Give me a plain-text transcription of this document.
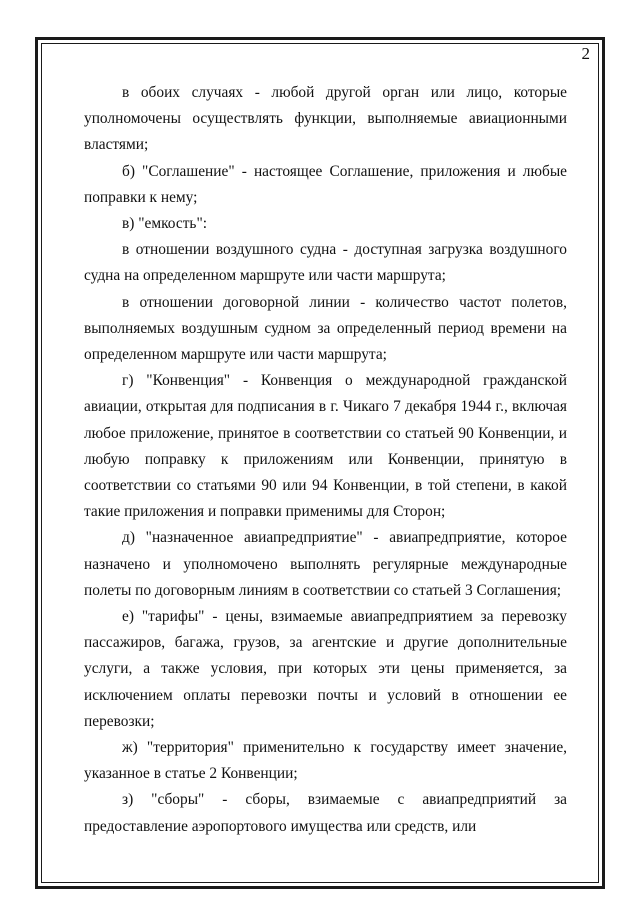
2

в обоих случаях - любой другой орган или лицо, которые уполномочены осуществлять функции, выполняемые авиационными властями;

б) "Соглашение" - настоящее Соглашение, приложения и любые поправки к нему;

в) "емкость":

в отношении воздушного судна - доступная загрузка воздушного судна на определенном маршруте или части маршрута;

в отношении договорной линии - количество частот полетов, выполняемых воздушным судном за определенный период времени на определенном маршруте или части маршрута;

г) "Конвенция" - Конвенция о международной гражданской авиации, открытая для подписания в г. Чикаго 7 декабря 1944 г., включая любое приложение, принятое в соответствии со статьей 90 Конвенции, и любую поправку к приложениям или Конвенции, принятую в соответствии со статьями 90 или 94 Конвенции, в той степени, в какой такие приложения и поправки применимы для Сторон;

д) "назначенное авиапредприятие" - авиапредприятие, которое назначено и уполномочено выполнять регулярные международные полеты по договорным линиям в соответствии со статьей 3 Соглашения;

е) "тарифы" - цены, взимаемые авиапредприятием за перевозку пассажиров, багажа, грузов, за агентские и другие дополнительные услуги, а также условия, при которых эти цены применяется, за исключением оплаты перевозки почты и условий в отношении ее перевозки;

ж) "территория" применительно к государству имеет значение, указанное в статье 2 Конвенции;

з) "сборы" - сборы, взимаемые с авиапредприятий за предоставление аэропортового имущества или средств, или
